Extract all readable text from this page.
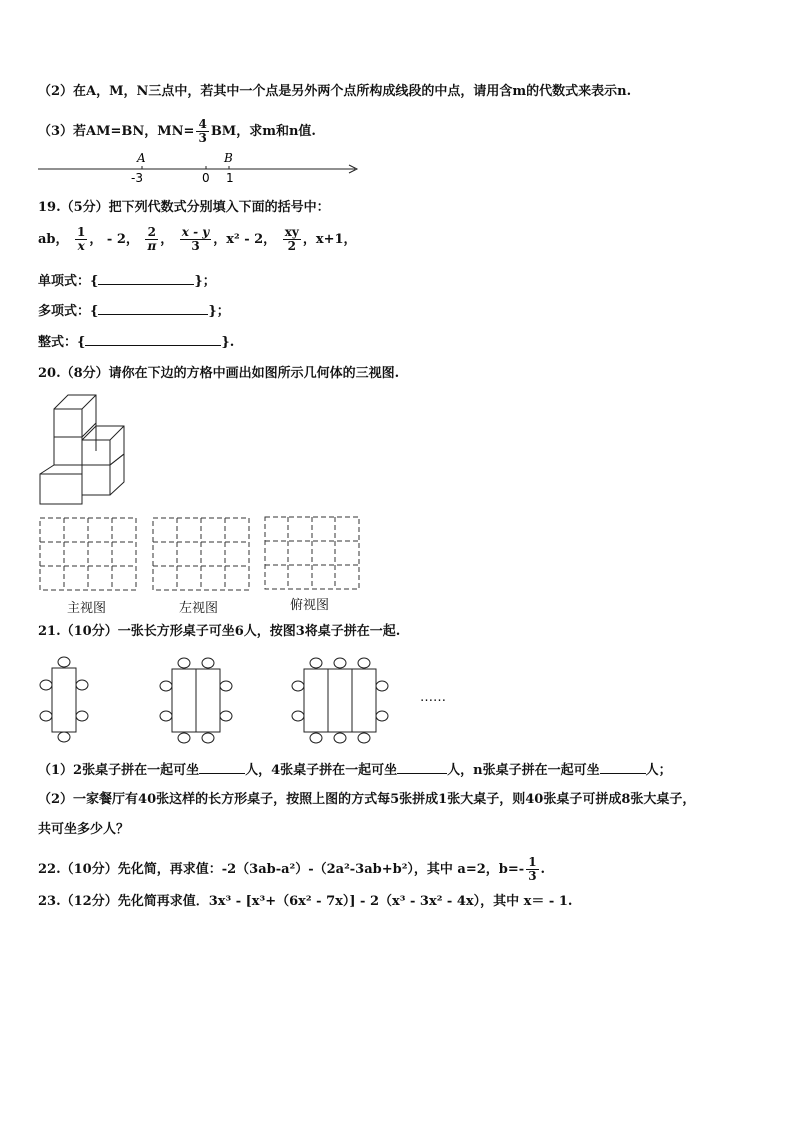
（2）在A，M，N三点中，若其中一个点是另外两个点所构成线段的中点，请用含m的代数式来表示n.
（3）若AM=BN，$MN= \frac{4}{3}$ BM，求m和n值.
A	B
-3	0 1
19.（5分）把下列代数式分别填入下面的括号中：
ab， $\frac{1}{x}$ ， - 2， $\frac{2}{\pi}$ ， $\frac{x - y}{3}$ ，x² - 2， $\frac{xy}{2}$ ，x+1，
单项式：{	}；
多项式：{	}；
整式：{	}.
20.（8分）请你在下边的方格中画出如图所示几何体的三视图.
主视图	左视图	俯视图
21.（10分）一张长方形桌子可坐6人，按图3将桌子拼在一起.
……
（1）2张桌子拼在一起可坐	人，4张桌子拼在一起可坐	人，n张桌子拼在一起可坐	人；
（2）一家餐厅有40张这样的长方形桌子，按照上图的方式每5张拼成1张大桌子，则40张桌子可拼成8张大桌子，
共可坐多少人？
22.（10分）先化简，再求值：-2（3ab-a²）-（2a²-3ab+b²），其中 a=2，$b=- \frac{1}{3}$ .
23.（12分）先化简再求值．3x³ - [x³+（6x² - 7x）] - 2（x³ - 3x² - 4x），其中 x＝ - 1.
